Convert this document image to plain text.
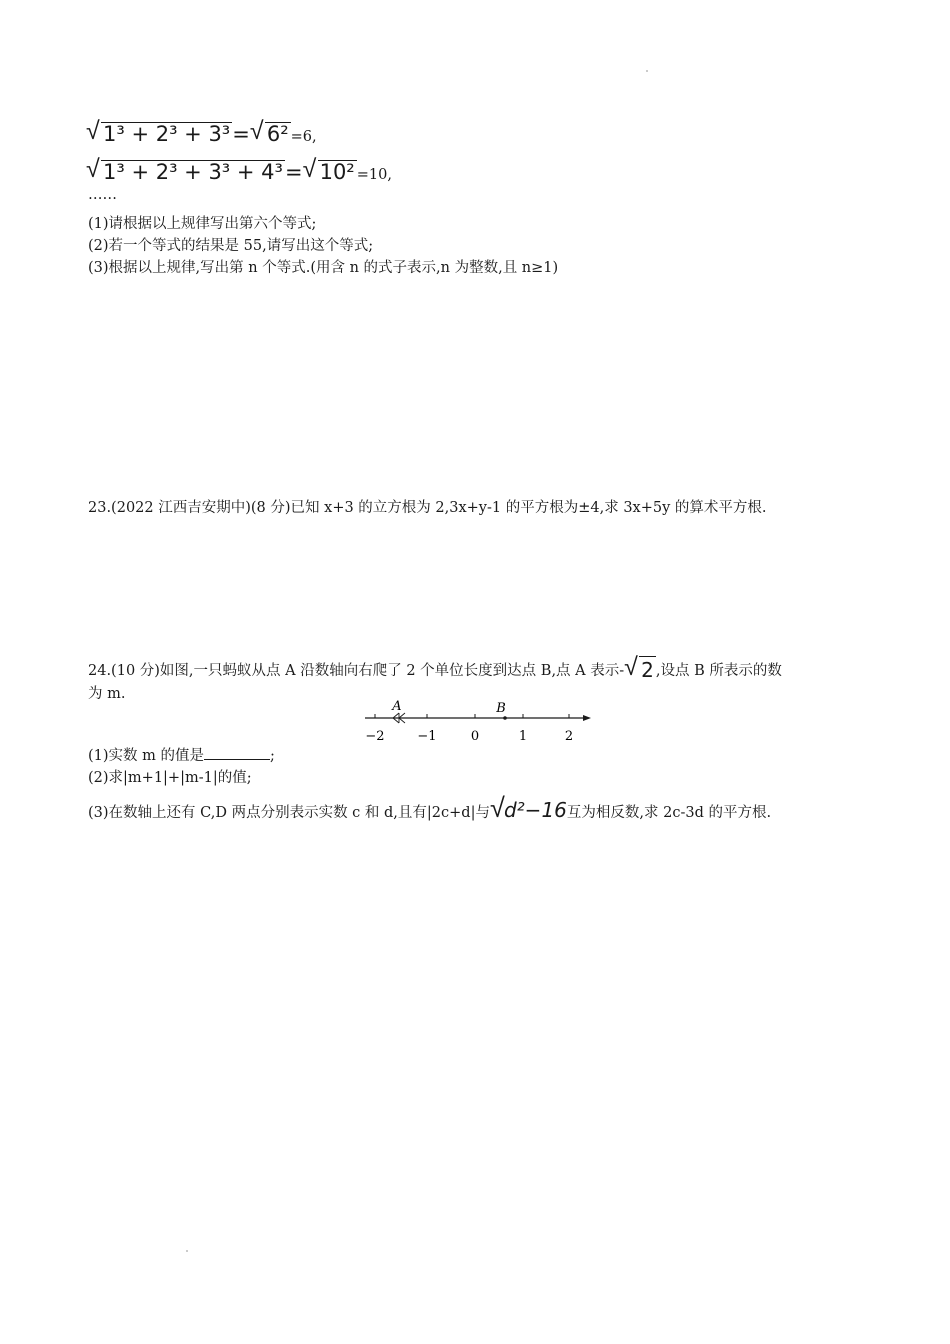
√ 1³ + 2³ + 3³= √ 6² =6,
√ 1³ + 2³ + 3³ + 4³= √ 10² =10,
……
(1)请根据以上规律写出第六个等式;
(2)若一个等式的结果是 55,请写出这个等式;
(3)根据以上规律,写出第 n 个等式.(用含 n 的式子表示,n 为整数,且 n≥1)
23.(2022 江西吉安期中)(8 分)已知 x+3 的立方根为 2,3x+y-1 的平方根为±4,求 3x+5y 的算术平方根.
24.(10 分)如图,一只蚂蚁从点 A 沿数轴向右爬了 2 个单位长度到达点 B,点 A 表示- √ 2 ,设点 B 所表示的数
为 m.
A	B
−2	−1	0	1	2
(1)实数 m 的值是	;
(2)求|m+1|+|m-1|的值;
(3)在数轴上还有 C,D 两点分别表示实数 c 和 d,且有|2c+d|与 √ d²−16互为相反数,求 2c-3d 的平方根.
